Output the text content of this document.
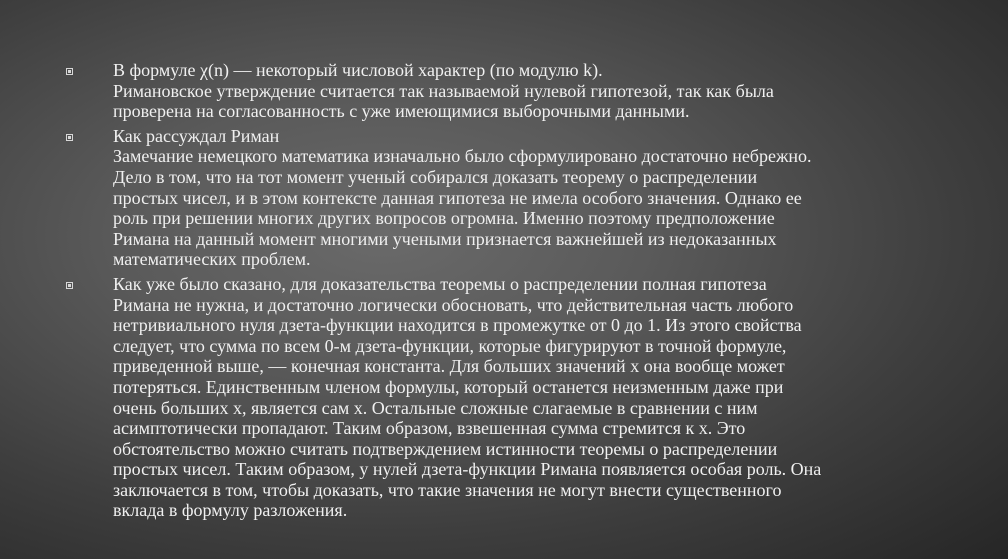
В формуле χ(n) — некоторый числовой характер (по модулю k).
Римановское утверждение считается так называемой нулевой гипотезой, так как была
проверена на согласованность с уже имеющимися выборочными данными.
Как рассуждал Риман
Замечание немецкого математика изначально было сформулировано достаточно небрежно.
Дело в том, что на тот момент ученый собирался доказать теорему о распределении
простых чисел, и в этом контексте данная гипотеза не имела особого значения. Однако ее
роль при решении многих других вопросов огромна. Именно поэтому предположение
Римана на данный момент многими учеными признается важнейшей из недоказанных
математических проблем.
Как уже было сказано, для доказательства теоремы о распределении полная гипотеза
Римана не нужна, и достаточно логически обосновать, что действительная часть любого
нетривиального нуля дзета-функции находится в промежутке от 0 до 1. Из этого свойства
следует, что сумма по всем 0-м дзета-функции, которые фигурируют в точной формуле,
приведенной выше, — конечная константа. Для больших значений x она вообще может
потеряться. Единственным членом формулы, который останется неизменным даже при
очень больших x, является сам x. Остальные сложные слагаемые в сравнении с ним
асимптотически пропадают. Таким образом, взвешенная сумма стремится к x. Это
обстоятельство можно считать подтверждением истинности теоремы о распределении
простых чисел. Таким образом, у нулей дзета-функции Римана появляется особая роль. Она
заключается в том, чтобы доказать, что такие значения не могут внести существенного
вклада в формулу разложения.
